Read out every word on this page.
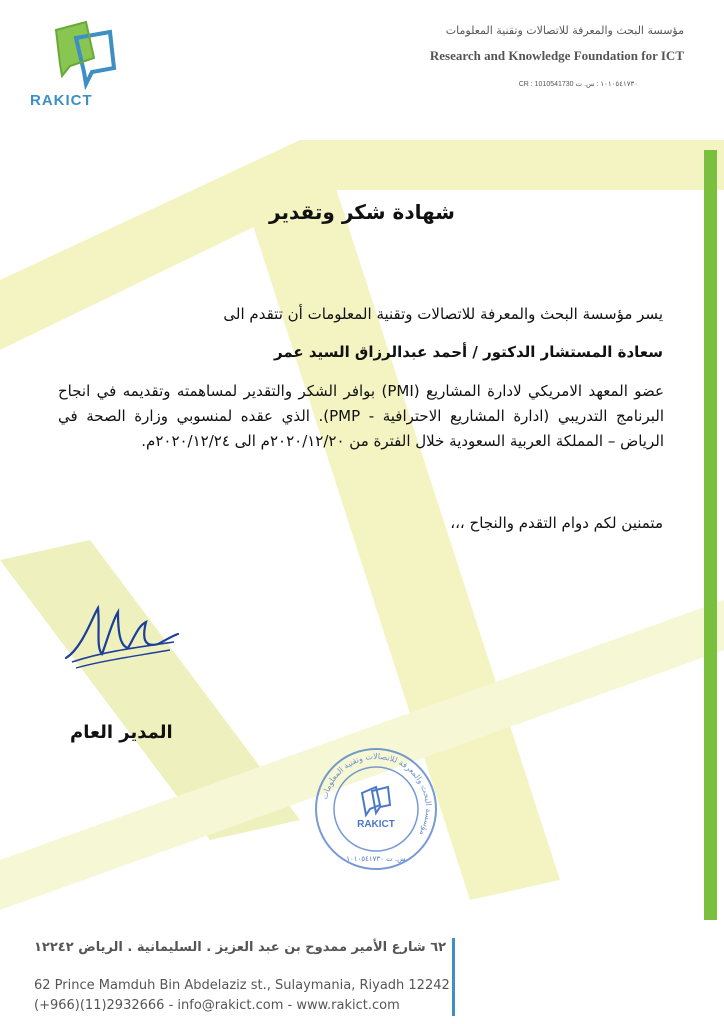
RAKICT
مؤسسة البحث والمعرفة للاتصالات وتقنية المعلومات
Research and Knowledge Foundation for ICT
CR : 1010541730 ١٠١٠٥٤١٧٣٠ : س. ت
شهادة شكر وتقدير
يسر مؤسسة البحث والمعرفة للاتصالات وتقنية المعلومات أن تتقدم الى
سعادة المستشار الدكتور / أحمد عبدالرزاق السيد عمر
عضو المعهد الامريكي لادارة المشاريع (PMI) بوافر الشكر والتقدير لمساهمته وتقديمه في انجاح البرنامج التدريبي (ادارة المشاريع الاحترافية - PMP). الذي عقده لمنسوبي وزارة الصحة في الرياض – المملكة العربية السعودية خلال الفترة من ٢٠٢٠/١٢/٢٠م الى ٢٠٢٠/١٢/٢٤م.
متمنين لكم دوام التقدم والنجاح ،،،
المدير العام
مؤسسة البحث والمعرفة للاتصالات وتقنية المعلومات
RAKICT
س. ت ١٠١٠٥٤١٧٣٠
٦٢ شارع الأمير ممدوح بن عبد العزيز . السليمانية . الرياض ١٢٢٤٢
62 Prince Mamduh Bin Abdelaziz st., Sulaymania, Riyadh 12242
(+966)(11)2932666 - info@rakict.com - www.rakict.com
